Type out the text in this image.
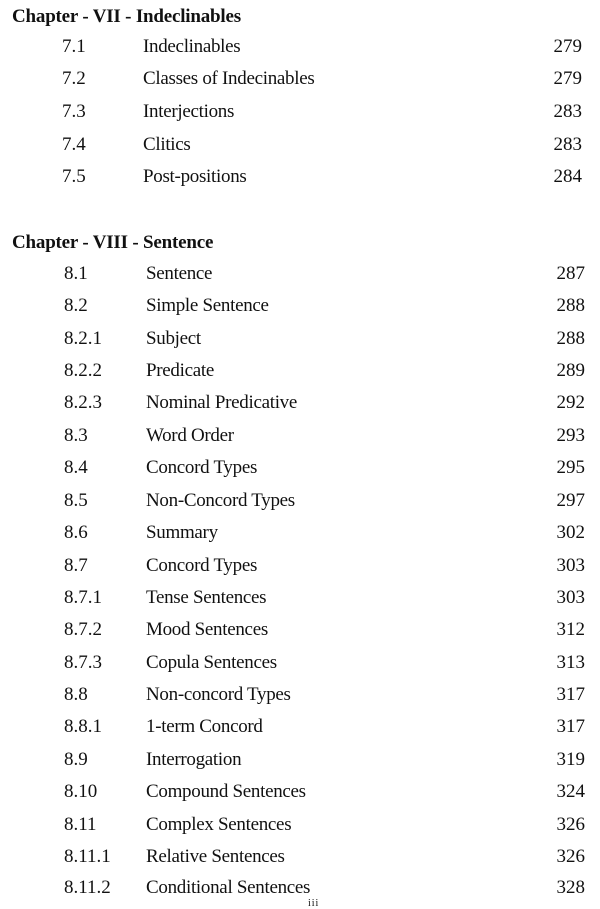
Chapter - VII - Indeclinables
7.1	Indeclinables	279
7.2	Classes of Indecinables	279
7.3	Interjections	283
7.4	Clitics	283
7.5	Post-positions	284
Chapter - VIII - Sentence
8.1	Sentence	287
8.2	Simple Sentence	288
8.2.1 Subject	288
8.2.2 Predicate	289
8.2.3 Nominal Predicative	292
8.3	Word Order	293
8.4	Concord Types	295
8.5	Non-Concord Types	297
8.6	Summary	302
8.7	Concord Types	303
8.7.1 Tense Sentences	303
8.7.2 Mood Sentences	312
8.7.3 Copula Sentences	313
8.8	Non-concord Types	317
8.8.1 1-term Concord	317
8.9	Interrogation	319
8.10	Compound Sentences	324
8.11	Complex Sentences	326
8.11.1 Relative Sentences	326
8.11.2 Conditional Sentences	328
iii
